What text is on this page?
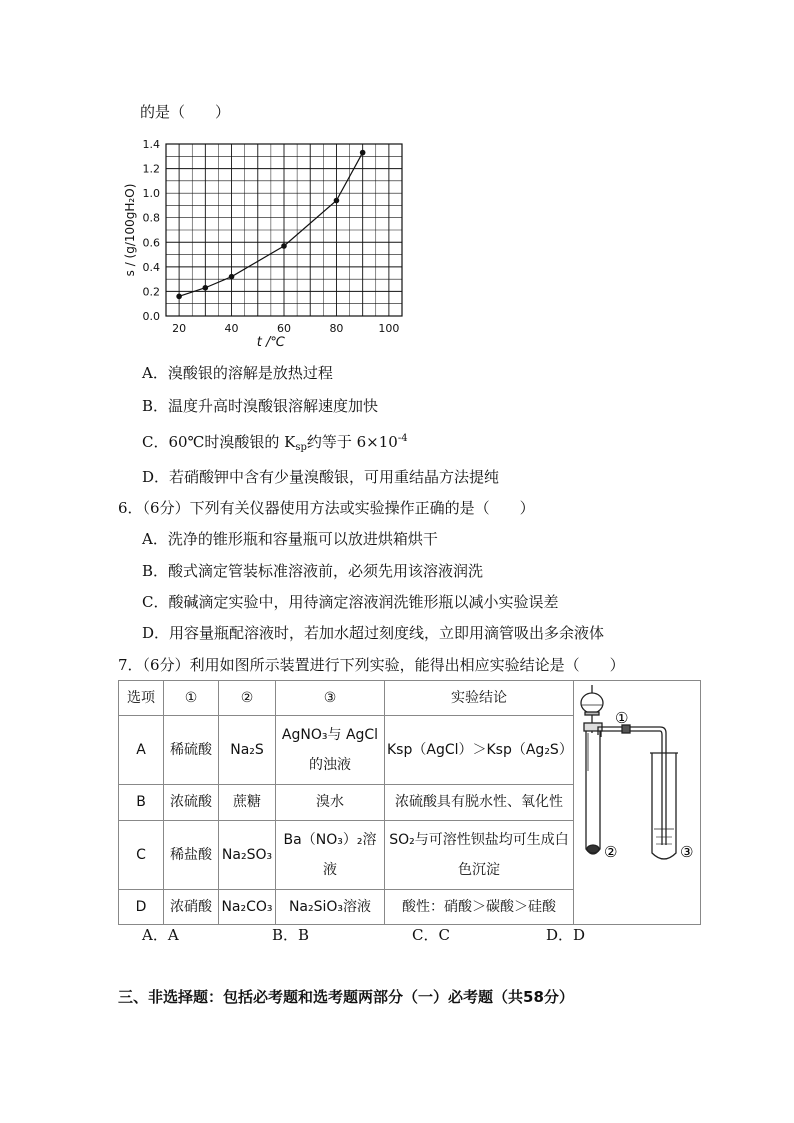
的是（　　）
0.0
0.2
0.4
0.6
0.8
1.0
1.2
1.4
20	40	60	80	100
t /℃
s / (g/100gH₂O)
A．溴酸银的溶解是放热过程
B．温度升高时溴酸银溶解速度加快
C．60℃时溴酸银的 $K_{sp}$约等于 $6\times 10^{-4}$
D．若硝酸钾中含有少量溴酸银，可用重结晶方法提纯
6．（6分）下列有关仪器使用方法或实验操作正确的是（　　）
A．洗净的锥形瓶和容量瓶可以放进烘箱烘干
B．酸式滴定管装标准溶液前，必须先用该溶液润洗
C．酸碱滴定实验中，用待滴定溶液润洗锥形瓶以减小实验误差
D．用容量瓶配溶液时，若加水超过刻度线，立即用滴管吸出多余液体
7．（6分）利用如图所示装置进行下列实验，能得出相应实验结论是（　　）
选项	①	②	③	实验结论	①
② ③

A	稀硫酸	Na₂S	AgNO₃与 AgCl 的浊液	Ksp（AgCl）＞Ksp（Ag₂S）	
B	浓硫酸	蔗糖	溴水	浓硫酸具有脱水性、氧化性	
C	稀盐酸	Na₂SO₃	Ba（NO₃）₂溶液	SO₂与可溶性钡盐均可生成白色沉淀	
D	浓硝酸	Na₂CO₃	Na₂SiO₃溶液	酸性：硝酸＞碳酸＞硅酸	
A．A	B．B	C．C	D．D
三、非选择题：包括必考题和选考题两部分（一）必考题（共58分）
